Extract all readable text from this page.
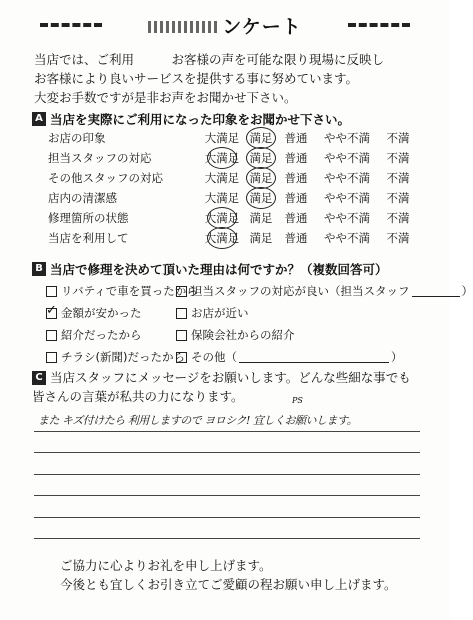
ンケート
当店では、ご利用　　　お客様の声を可能な限り現場に反映し
お客様により良いサービスを提供する事に努めています。
大変お手数ですが是非お声をお聞かせ下さい。
A 当店を実際にご利用になった印象をお聞かせ下さい。
お店の印象	大満足 満足	普通	やや不満	不満
担当スタッフの対応	大満足 満足	普通	やや不満	不満
その他スタッフの対応	大満足 満足	普通	やや不満	不満
店内の清潔感	大満足 満足	普通	やや不満	不満
修理箇所の状態	大満足 満足	普通	やや不満	不満
当店を利用して	大満足 満足	普通	やや不満	不満
B 当店で修理を決めて頂いた理由は何ですか？（複数回答可）
リバティで車を買ったから
担当スタッフの対応が良い（担当スタッフ	）
✓ 金額が安かった	お店が近い
紹介だったから	保険会社からの紹介
チラシ(新聞)だったから その他（	）
C 当店スタッフにメッセージをお願いします。どんな些細な事でも
皆さんの言葉が私共の力になります。	PS
また キズ付けたら 利用しますので ヨロシク! 宜しくお願いします。
ご協力に心よりお礼を申し上げます。
今後とも宜しくお引き立てご愛顧の程お願い申し上げます。
